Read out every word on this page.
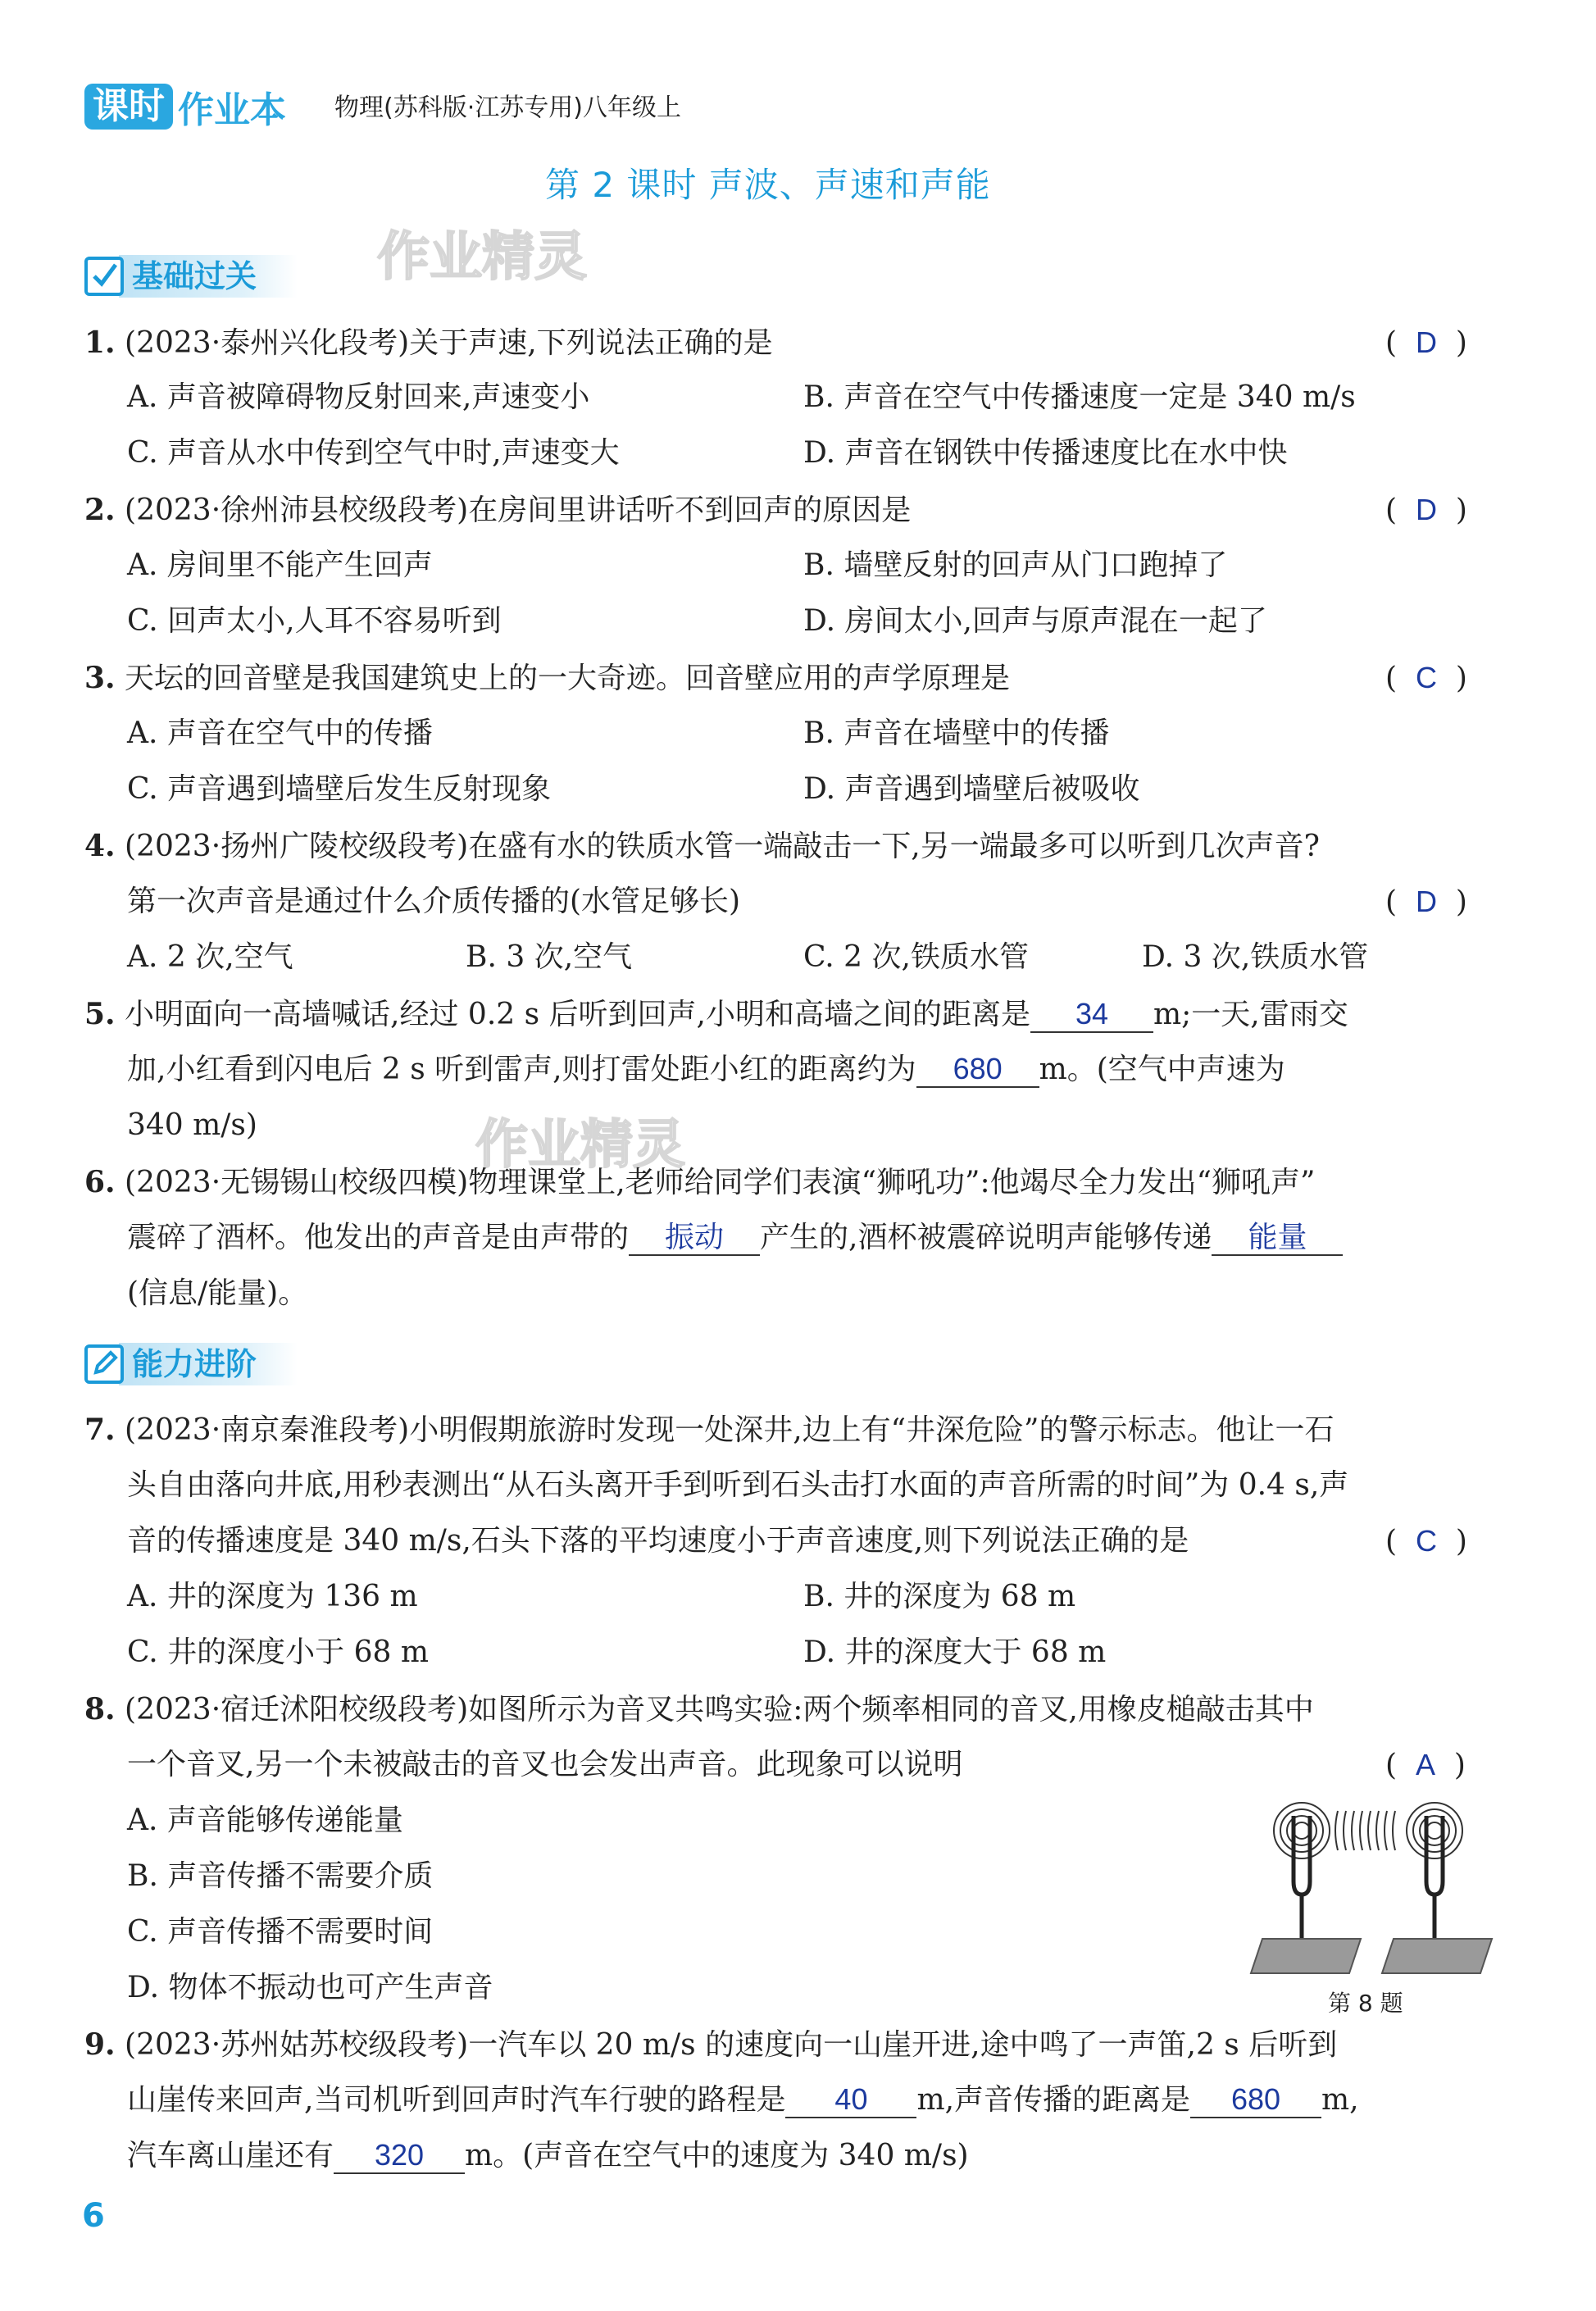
课时 作业本 物理(苏科版·江苏专用)八年级上
第 2 课时 声波、声速和声能
作业精灵
作业精灵
基础过关
1. (2023·泰州兴化段考)关于声速,下列说法正确的是	(  D  )
A. 声音被障碍物反射回来,声速变小	B. 声音在空气中传播速度一定是 340 m/s
C. 声音从水中传到空气中时,声速变大	D. 声音在钢铁中传播速度比在水中快
2. (2023·徐州沛县校级段考)在房间里讲话听不到回声的原因是	(  D  )
A. 房间里不能产生回声	B. 墙壁反射的回声从门口跑掉了
C. 回声太小,人耳不容易听到	D. 房间太小,回声与原声混在一起了
3. 天坛的回音壁是我国建筑史上的一大奇迹。回音壁应用的声学原理是	(  C  )
A. 声音在空气中的传播	B. 声音在墙壁中的传播
C. 声音遇到墙壁后发生反射现象	D. 声音遇到墙壁后被吸收
4. (2023·扬州广陵校级段考)在盛有水的铁质水管一端敲击一下,另一端最多可以听到几次声音?
第一次声音是通过什么介质传播的(水管足够长)	(  D  )
A. 2 次,空气	B. 3 次,空气	C. 2 次,铁质水管	D. 3 次,铁质水管
5. 小明面向一高墙喊话,经过 0.2 s 后听到回声,小明和高墙之间的距离是 34 m;一天,雷雨交
加,小红看到闪电后 2 s 听到雷声,则打雷处距小红的距离约为 680 m。(空气中声速为
340 m/s)
6. (2023·无锡锡山校级四模)物理课堂上,老师给同学们表演“狮吼功”:他竭尽全力发出“狮吼声”
震碎了酒杯。他发出的声音是由声带的 振动 产生的,酒杯被震碎说明声能够传递 能量
(信息/能量)。
能力进阶
7. (2023·南京秦淮段考)小明假期旅游时发现一处深井,边上有“井深危险”的警示标志。他让一石
头自由落向井底,用秒表测出“从石头离开手到听到石头击打水面的声音所需的时间”为 0.4 s,声
音的传播速度是 340 m/s,石头下落的平均速度小于声音速度,则下列说法正确的是	(  C  )
A. 井的深度为 136 m	B. 井的深度为 68 m
C. 井的深度小于 68 m	D. 井的深度大于 68 m
8. (2023·宿迁沭阳校级段考)如图所示为音叉共鸣实验:两个频率相同的音叉,用橡皮槌敲击其中
一个音叉,另一个未被敲击的音叉也会发出声音。此现象可以说明	(  A  )
A. 声音能够传递能量
B. 声音传播不需要介质
C. 声音传播不需要时间
D. 物体不振动也可产生声音	第 8 题
9. (2023·苏州姑苏校级段考)一汽车以 20 m/s 的速度向一山崖开进,途中鸣了一声笛,2 s 后听到
山崖传来回声,当司机听到回声时汽车行驶的路程是 40 m,声音传播的距离是 680 m,
汽车离山崖还有 320 m。(声音在空气中的速度为 340 m/s)
6
